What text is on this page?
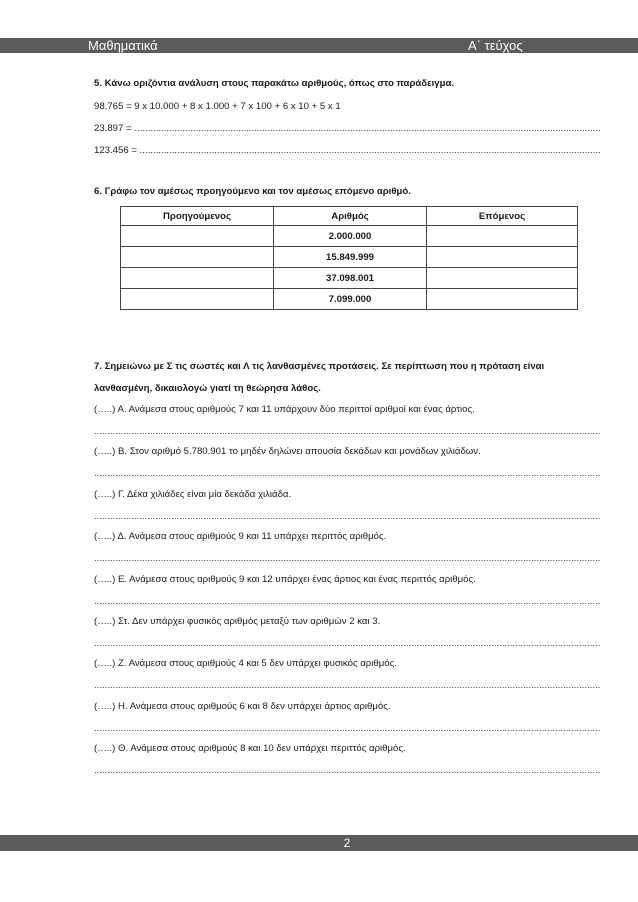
Μαθηματικά	Α΄ τεύχος
5. Κάνω οριζόντια ανάλυση στους παρακάτω αριθμούς, όπως στο παράδειγμα.
98.765 = 9 x 10.000 + 8 x 1.000 + 7 x 100 + 6 x 10 + 5 x 1
23.897 = .....
123.456 = .....
6. Γράφω τον αμέσως προηγούμενο και τον αμέσως επόμενο αριθμό.
Προηγούμενος	Αριθμός	Επόμενος
	2.000.000	
	15.849.999	
	37.098.001	
	7.099.000	
7. Σημειώνω με Σ τις σωστές και Λ τις λανθασμένες προτάσεις. Σε περίπτωση που η πρόταση είναι
λανθασμένη, δικαιολογώ γιατί τη θεώρησα λάθος.
(…..) Α. Ανάμεσα στους αριθμούς 7 και 11 υπάρχουν δύο περιττοί αριθμοί και ένας άρτιος.
.....
(…..) Β. Στον αριθμό 5.780.901 το μηδέν δηλώνει απουσία δεκάδων και μονάδων χιλιάδων.
.....
(…..) Γ. Δέκα χιλιάδες είναι μία δεκάδα χιλιάδα.
.....
(…..) Δ. Ανάμεσα στους αριθμούς 9 και 11 υπάρχει περιττός αριθμός.
.....
(…..) Ε. Ανάμεσα στους αριθμούς 9 και 12 υπάρχει ένας άρτιος και ένας περιττός αριθμός.
.....
(…..) Στ. Δεν υπάρχει φυσικός αριθμός μεταξύ των αριθμών 2 και 3.
.....
(…..) Ζ. Ανάμεσα στους αριθμούς 4 και 5 δεν υπάρχει φυσικός αριθμός.
.....
(…..) Η. Ανάμεσα στους αριθμούς 6 και 8 δεν υπάρχει άρτιος αριθμός.
.....
(…..) Θ. Ανάμεσα στους αριθμούς 8 και 10 δεν υπάρχει περιττός αριθμός.
.....
2
